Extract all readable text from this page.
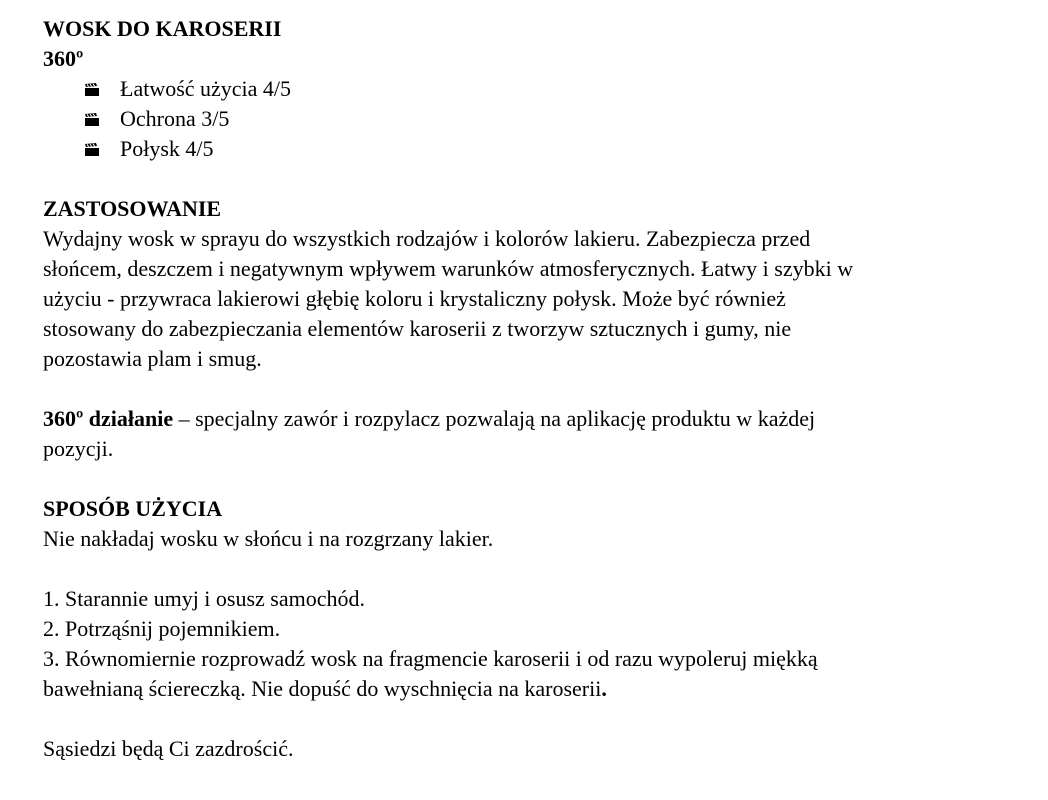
WOSK DO KAROSERII
360º
Łatwość użycia 4/5
Ochrona 3/5
Połysk 4/5
ZASTOSOWANIE
Wydajny wosk w sprayu do wszystkich rodzajów i kolorów lakieru. Zabezpiecza przed
słońcem, deszczem i negatywnym wpływem warunków atmosferycznych. Łatwy i szybki w
użyciu - przywraca lakierowi głębię koloru i krystaliczny połysk. Może być również
stosowany do zabezpieczania elementów karoserii z tworzyw sztucznych i gumy, nie
pozostawia plam i smug.
360º działanie – specjalny zawór i rozpylacz pozwalają na aplikację produktu w każdej
pozycji.
SPOSÓB UŻYCIA
Nie nakładaj wosku w słońcu i na rozgrzany lakier.
1. Starannie umyj i osusz samochód.
2. Potrząśnij pojemnikiem.
3. Równomiernie rozprowadź wosk na fragmencie karoserii i od razu wypoleruj miękką
bawełnianą ściereczką. Nie dopuść do wyschnięcia na karoserii.
Sąsiedzi będą Ci zazdrościć.
